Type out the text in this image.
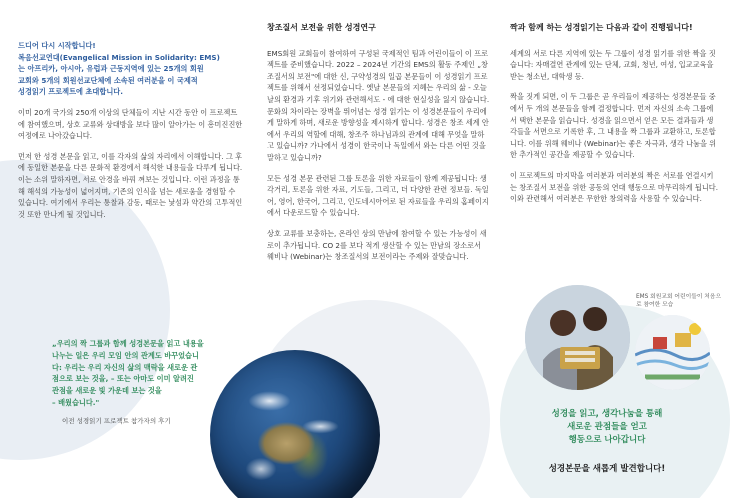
드디어 다시 시작합니다!
복음선교연대(Evangelical Mission in Solidarity: EMS)
는 아프리카, 아시아, 유럽과 근동지역에 있는 25개의 회원
교회와 5개의 회원선교단체에 소속된 여러분을 이 국제적
성경읽기 프로젝트에 초대합니다.

이미 20개 국가의 250개 이상의 단체들이 지난 시간 동안 이 프로젝트에 참여했으며, 상호 교류와 상대방을 보다 많이 알아가는 이 흥미진진한 여정에로 나아갔습니다.

먼저 한 성경 본문을 읽고, 이를 각자의 삶의 자리에서 이해합니다. 그 후에 동일한 본문을 다른 문화적 환경에서 해석한 내용들을 다루게 됩니다. 이는 소위 말하자면, 서로 안경을 바꿔 껴보는 것입니다. 이런 과정을 통해 해석의 가능성이 넓어지며, 기존의 인식을 넘는 새로움을 경험할 수 있습니다. 여기에서 우리는 통찰과 감동, 때로는 낯섬과 약간의 고투적인 것 또한 만나게 될 것입니다.

„우리의 짝 그룹과 함께 성경본문을 읽고 내용을
나누는 일은 우리 모임 안의 관계도 바꾸었습니
다: 우리는 우리 자신의 삶의 맥락을 새로운 관
점으로 보는 것을, – 또는 아마도 이미 알려진
관점을 새로운 빛 가운데 보는 것을
– 배웠습니다."
이전 성경읽기 프로젝트 참가자의 후기
창조질서 보전을 위한 성경연구

EMS회원 교회들이 참여하여 구성된 국제적인 팀과 어린이들이 이 프로젝트를 준비했습니다. 2022 – 2024년 기간의 EMS의 활동 주제인 „창조질서의 보전"에 대한 신, 구약성경의 일곱 본문들이 이 성경읽기 프로젝트를 위해서 선정되었습니다. 옛날 본문들의 지혜는 우리의 삶 - 오늘 날의 환경과 기후 위기와 관련해서도 - 에 대한 현실성을 잃지 않습니다. 문화의 차이라는 장벽을 뛰어넘는 성경 읽기는 이 성경본문들이 우리에게 말하게 하며, 새로운 방향성을 제시하게 합니다. 성경은 창조 세계 안에서 우리의 역할에 대해, 창조주 하나님과의 관계에 대해 무엇을 말하고 있습니까? 가나에서 성경이 한국이나 독일에서 와는 다른 어떤 것을 말하고 있습니까?

모든 성경 본문 관련된 그룹 토론을 위한 자료들이 함께 제공됩니다: 생각거리, 토론을 위한 자료, 기도들, 그리고, 더 다양한 관련 정보들. 독일어, 영어, 한국어, 그리고, 인도네시아어로 된 자료들을 우리의 홈페이지에서 다운로드할 수 있습니다.

상호 교류를 보충하는, 온라인 상의 만남에 참여할 수 있는 가능성이 새로이 추가됩니다. CO 2를 보다 적게 생산할 수 있는 만남의 장소로서 웨비나 (Webinar)는 창조질서의 보전이라는 주제와 잘맞습니다.

짝과 함께 하는 성경읽기는 다음과 같이 진행됩니다!

세계의 서로 다른 지역에 있는 두 그룹이 성경 읽기를 위한 짝을 짓습니다: 자매결연 관계에 있는 단체, 교회, 청년, 여성, 입교교육을 받는 청소년, 대학생 등.

짝을 짓게 되면, 이 두 그룹은 곧 우리들이 제공하는 성경본문들 중에서 두 개의 본문들을 함께 결정합니다. 먼저 자신의 소속 그룹에서 택한 본문을 읽습니다. 성경을 읽으면서 얻은 모든 결과들과 생각들을 서면으로 기록한 후, 그 내용을 짝 그룹과 교환하고, 토론합니다. 이를 위해 웨비나 (Webinar)는 좋은 자극과, 생각 나눔을 위한 추가적인 공간을 제공할 수 있습니다.

이 프로젝트의 마지막을 여러분과 여러분의 짝은 서로를 연결시키는 창조질서 보전을 위한 공동의 연대 행동으로 마무리하게 됩니다. 이와 관련해서 여러분은 무한한 창의력을 사용할 수 있습니다.

EMS 회원교회 어린이들이 처음으로 참여한 모습
성경을 읽고, 생각나눔을 통해
새로운 관점들을 얻고
행동으로 나아갑니다
성경본문을 새롭게 발견합니다!
